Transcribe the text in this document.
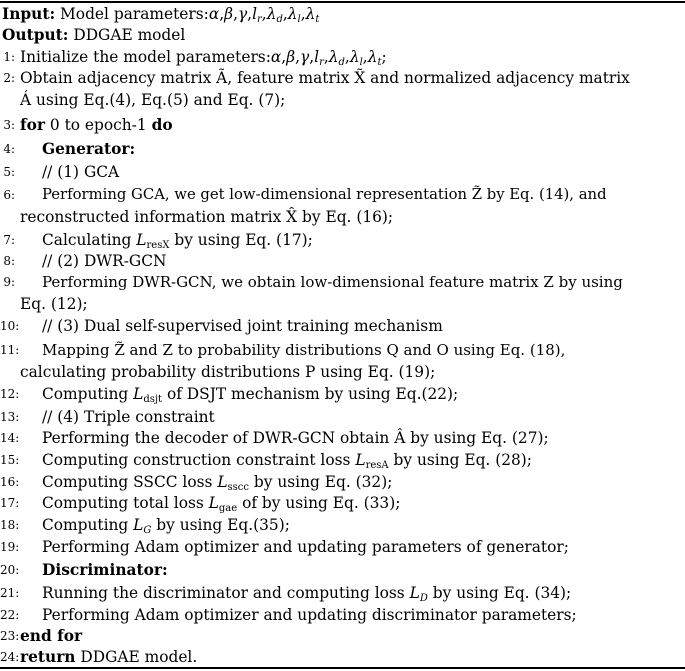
Input: Model $parameters:\alpha,\beta,\gamma,l_r,\lambda_d,\lambda_l,\lambda_t$
Output: DDGAE model
1: Initialize the model $parameters:\alpha,\beta,\gamma,l_r,\lambda_d,\lambda_l,\lambda_t$;
2: Obtain adjacency matrix Ã, feature matrix X̃ and normalized adjacency matrix
Á using Eq.(4), Eq.(5) and Eq. (7);
3: for 0 to epoch-1 do
4: Generator:
5: // (1) GCA
6: Performing GCA, we get low-dimensional representation Z̃ by Eq. (14), and
reconstructed information matrix X̂ by Eq. (16);
7: Calculating $L_{resX}$ by using Eq. (17);
8: // (2) DWR-GCN
9: Performing DWR-GCN, we obtain low-dimensional feature matrix Z by using
Eq. (12);
10: // (3) Dual self-supervised joint training mechanism
11: Mapping Z̃ and Z to probability distributions Q and O using Eq. (18),
calculating probability distributions P using Eq. (19);
12: Computing $L_{dsjt}$ of DSJT mechanism by using Eq.(22);
13: // (4) Triple constraint
14: Performing the decoder of DWR-GCN obtain Â by using Eq. (27);
15: Computing construction constraint loss $L_{resA}$ by using Eq. (28);
16: Computing SSCC loss $L_{sscc}$ by using Eq. (32);
17: Computing total loss $L_{gae}$ of by using Eq. (33);
18: Computing $L_G$ by using Eq.(35);
19: Performing Adam optimizer and updating parameters of generator;
20: Discriminator:
21: Running the discriminator and computing loss $L_D$ by using Eq. (34);
22: Performing Adam optimizer and updating discriminator parameters;
23: end for
24: return DDGAE model.
